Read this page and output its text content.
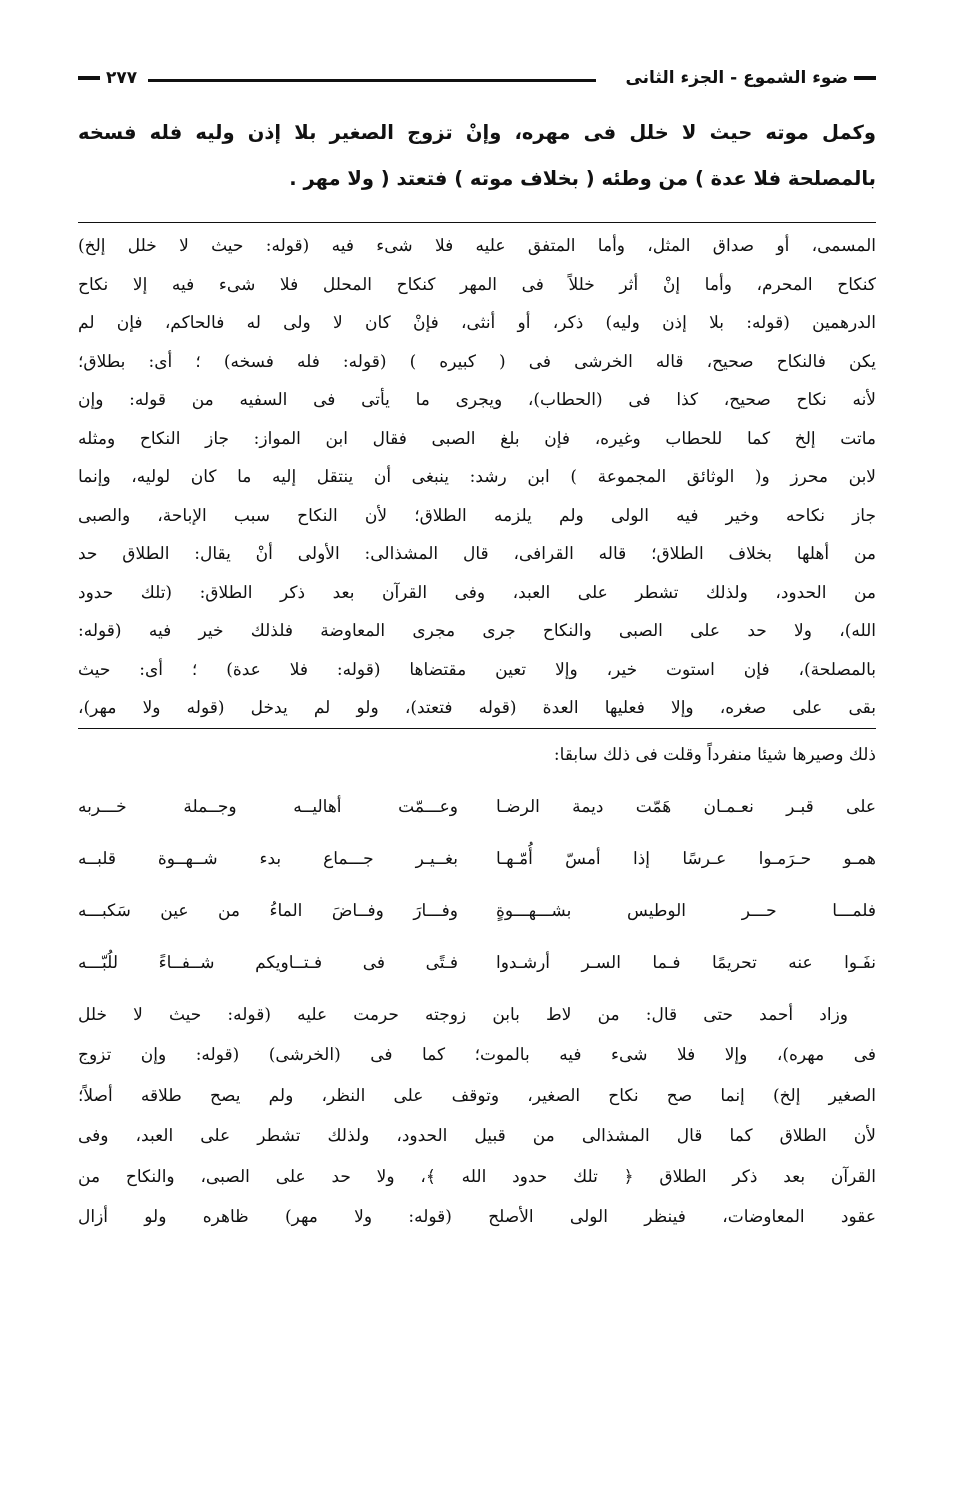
ضوء الشموع - الجزء الثانى
٢٧٧

وكمل موته حيث لا خلل فى مهره، وإنْ تزوج الصغير بلا إذن وليه فله فسخه

بالمصلحة فلا عدة ) من وطئه ( بخلاف موته ) فتعتد ( ولا مهر .

المسمى، أو صداق المثل، وأما المتفق عليه فلا شىء فيه (قوله: حيث لا خلل إلخ)

كنكاح المحرم، وأما إنْ أثر خللاً فى المهر كنكاح المحلل فلا شىء فيه إلا نكاح

الدرهمين (قوله: بلا إذن وليه) ذكر، أو أنثى، فإنْ كان لا ولى له فالحاكم، فإن لم

يكن فالنكاح صحيح، قاله الخرشى فى ( كبيره ) (قوله: فله فسخه) ؛ أى: بطلاق؛

لأنه نكاح صحيح، كذا فى (الحطاب)، ويجرى ما يأتى فى السفيه من قوله: وإن

ماتت إلخ كما للحطاب وغيره، فإن بلغ الصبى فقال ابن المواز: جاز النكاح ومثله

لابن محرز و( الوثائق المجموعة ) ابن رشد: ينبغى أن ينتقل إليه ما كان لوليه، وإنما

جاز نكاحه وخير فيه الولى ولم يلزمه الطلاق؛ لأن النكاح سبب الإباحة، والصبى

من أهلها بخلاف الطلاق؛ قاله القرافى، قال المشذالى: الأولى أنْ يقال: الطلاق حد

من الحدود، ولذلك تشطر على العبد، وفى القرآن بعد ذكر الطلاق: (تلك حدود

الله)، ولا حد على الصبى والنكاح جرى مجرى المعاوضة فلذلك خير فيه (قوله:

بالمصلحة)، فإن استوت خير، وإلا تعين مقتضاها (قوله: فلا عدة) ؛ أى: حيث

بقى على صغره، وإلا فعليها العدة (قوله فتعتد)، ولو لم يدخل (قوله ولا مهر)،

ذلك وصيرها شيئا منفرداً وقلت فى ذلك سابقا:
على قبـر نعـمـان هَمّت ديمة الرضـا
وعـــمّت أهاليــه وجــملة خـــربه
همـو حـرَمـوا عـرسًا إذا أمسّ أُمّـهـا
بغــيـر جـــماع بدء شــهــوة قلبــه
فلمـــا حـــر الوطيس بشـــهـــوةٍ
وفـــارَ وفــاضَ الماءُ من عين سَكبـــه
نفَـوا عنه تحريمًا فـما السـر أرشـدوا
فـتًى فى فـتــاويكم شــفــاءً للُبّـــه

وزاد أحمد حتى قال: من لاط بابن زوجته حرمت عليه (قوله: حيث لا خلل

فى مهره)، وإلا فلا شىء فيه بالموت؛ كما فى (الخرشى) (قوله: وإن تزوج

الصغير إلخ) إنما صح نكاح الصغير، وتوقف على النظر، ولم يصح طلاقه أصلاً؛

لأن الطلاق كما قال المشذالى من قبيل الحدود، ولذلك تشطر على العبد، وفى

القرآن بعد ذكر الطلاق ﴿ تلك حدود الله ﴾، ولا حد على الصبى، والنكاح من

عقود المعاوضات، فينظر الولى الأصلح (قوله: ولا مهر) ظاهره ولو أزال
